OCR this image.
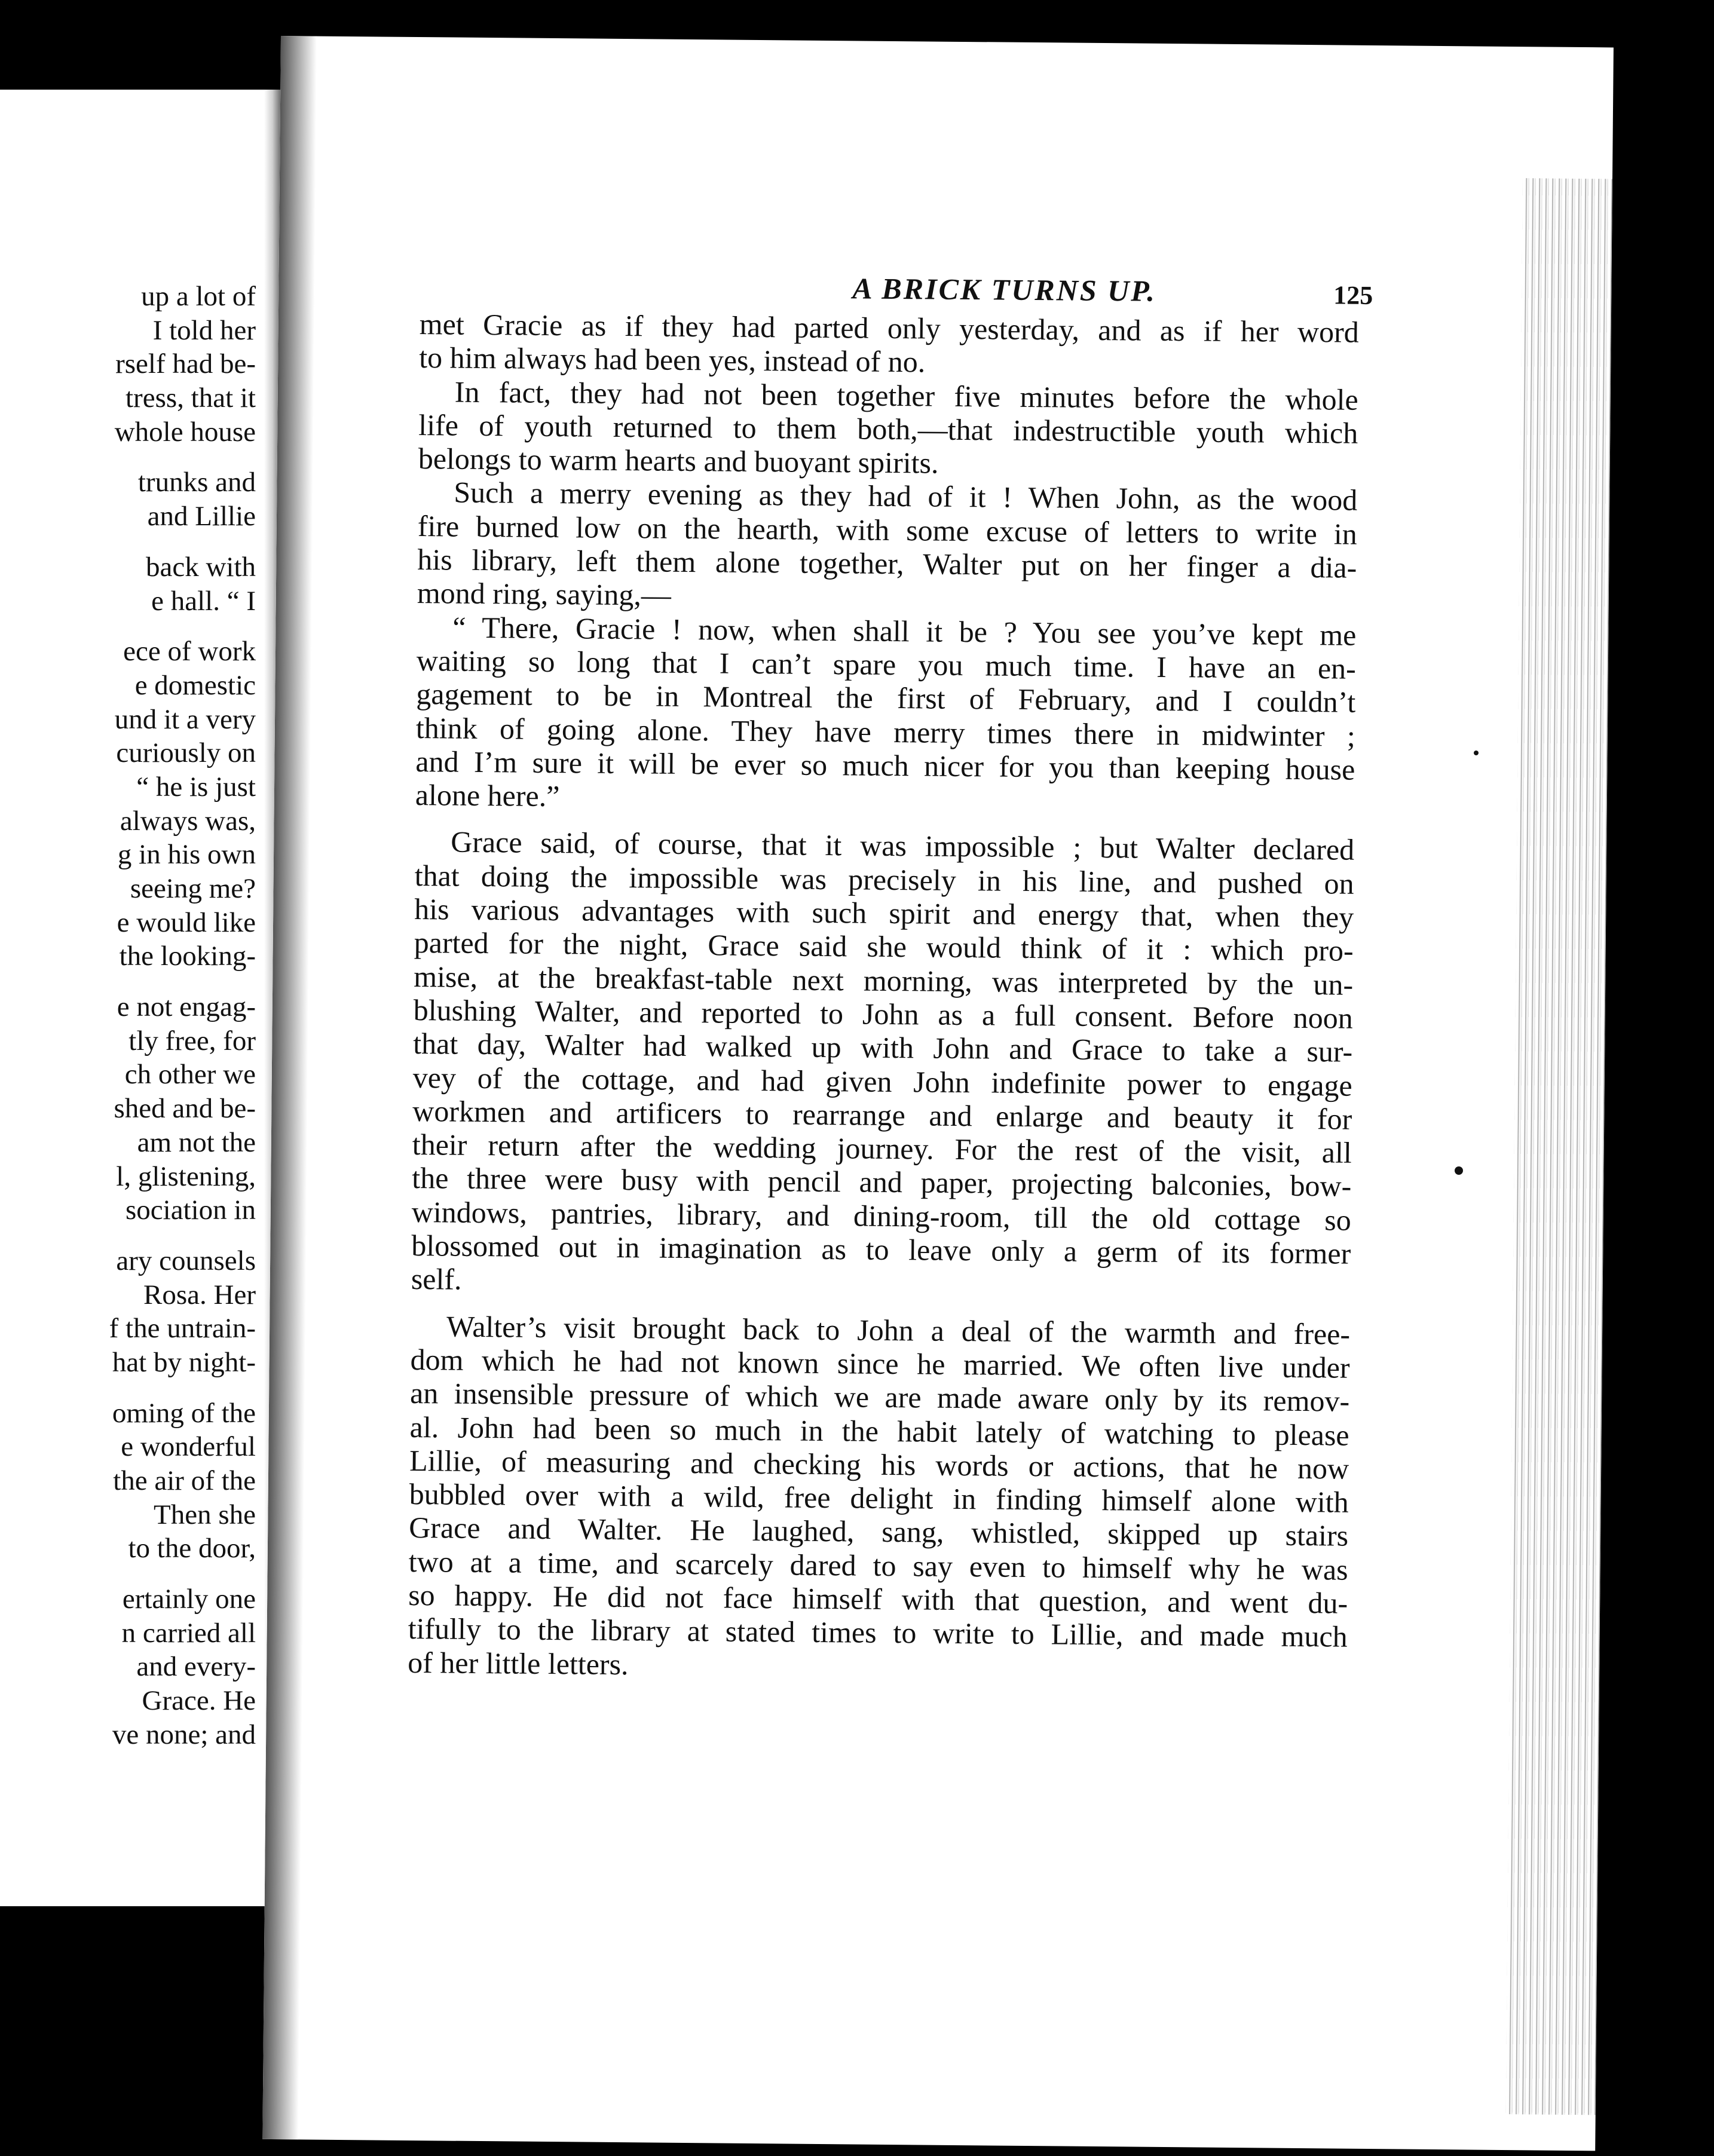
up a lot of
I told her
rself had be-
tress, that it
whole house
trunks and
and Lillie
back with
e hall. “ I
ece of work
e domestic
und it a very
curiously on
“ he is just
always was,
g in his own
seeing me?
e would like
the looking-
e not engag-
tly free, for
ch other we
shed and be-
am not the
l, glistening,
sociation in
ary counsels
Rosa. Her
f the untrain-
hat by night-
oming of the
e wonderful
the air of the
Then she
to the door,
ertainly one
n carried all
and every-
Grace. He
ve none; and
A BRICK TURNS UP.	125
met Gracie as if they had parted only yesterday, and as if her word
to him always had been yes, instead of no.
In fact, they had not been together five minutes before the whole
life of youth returned to them both,—that indestructible youth which
belongs to warm hearts and buoyant spirits.
Such a merry evening as they had of it ! When John, as the wood
fire burned low on the hearth, with some excuse of letters to write in
his library, left them alone together, Walter put on her finger a dia-
mond ring, saying,—
“ There, Gracie ! now, when shall it be ? You see you’ve kept me
waiting so long that I can’t spare you much time. I have an en-
gagement to be in Montreal the first of February, and I couldn’t
think of going alone. They have merry times there in midwinter ;
and I’m sure it will be ever so much nicer for you than keeping house
alone here.”
Grace said, of course, that it was impossible ; but Walter declared
that doing the impossible was precisely in his line, and pushed on
his various advantages with such spirit and energy that, when they
parted for the night, Grace said she would think of it : which pro-
mise, at the breakfast-table next morning, was interpreted by the un-
blushing Walter, and reported to John as a full consent. Before noon
that day, Walter had walked up with John and Grace to take a sur-
vey of the cottage, and had given John indefinite power to engage
workmen and artificers to rearrange and enlarge and beauty it for
their return after the wedding journey. For the rest of the visit, all
the three were busy with pencil and paper, projecting balconies, bow-
windows, pantries, library, and dining-room, till the old cottage so
blossomed out in imagination as to leave only a germ of its former
self.
Walter’s visit brought back to John a deal of the warmth and free-
dom which he had not known since he married. We often live under
an insensible pressure of which we are made aware only by its remov-
al. John had been so much in the habit lately of watching to please
Lillie, of measuring and checking his words or actions, that he now
bubbled over with a wild, free delight in finding himself alone with
Grace and Walter. He laughed, sang, whistled, skipped up stairs
two at a time, and scarcely dared to say even to himself why he was
so happy. He did not face himself with that question, and went du-
tifully to the library at stated times to write to Lillie, and made much
of her little letters.
